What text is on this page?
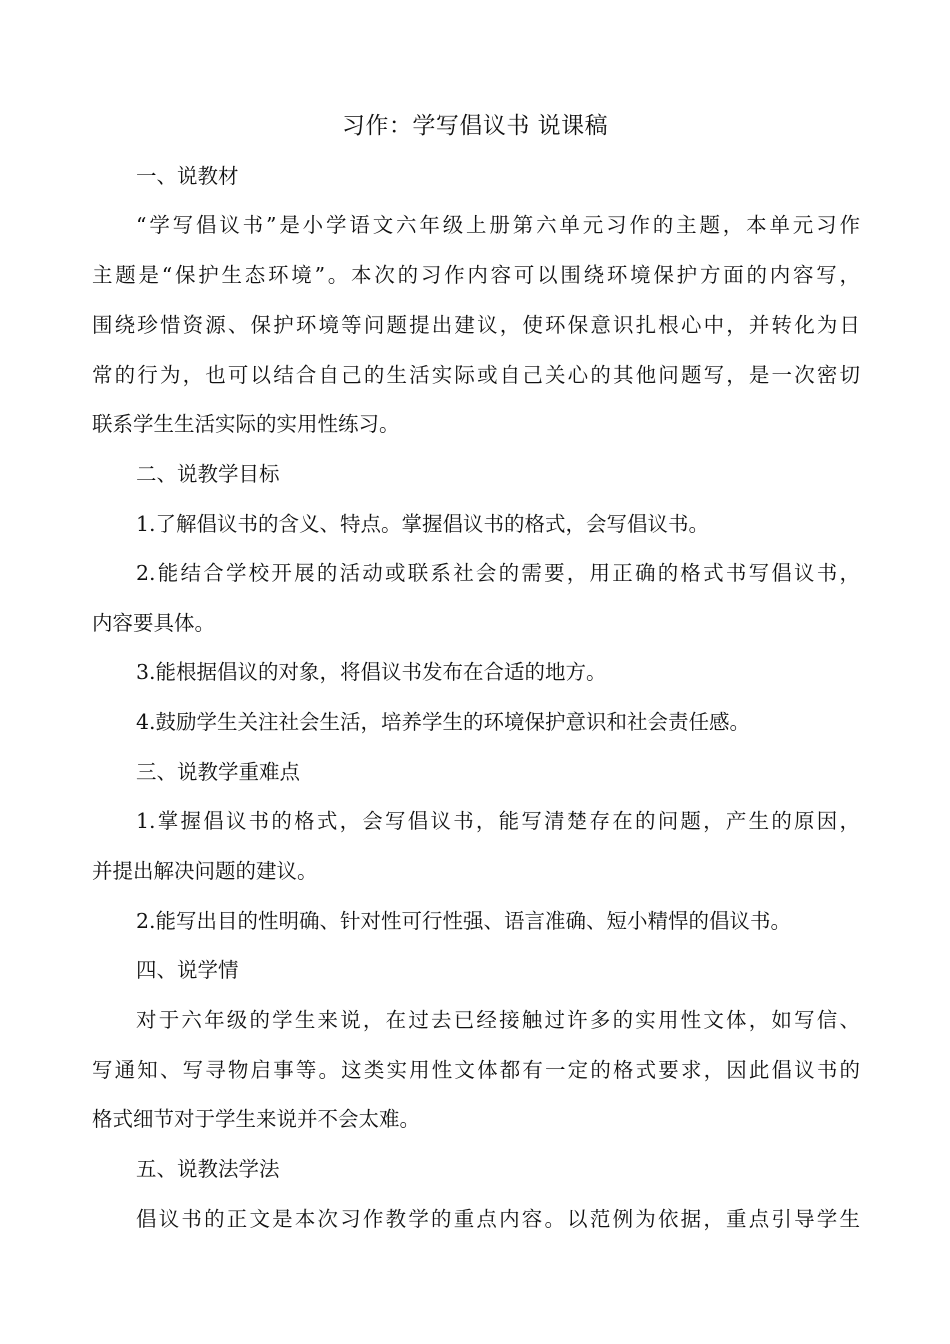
习作：学写倡议书 说课稿
一、说教材
“学写倡议书”是小学语文六年级上册第六单元习作的主题，本单元习作
主题是“保护生态环境”。本次的习作内容可以围绕环境保护方面的内容写，
围绕珍惜资源、保护环境等问题提出建议，使环保意识扎根心中，并转化为日
常的行为，也可以结合自己的生活实际或自己关心的其他问题写，是一次密切
联系学生生活实际的实用性练习。
二、说教学目标
1.了解倡议书的含义、特点。掌握倡议书的格式，会写倡议书。
2.能结合学校开展的活动或联系社会的需要，用正确的格式书写倡议书，
内容要具体。
3.能根据倡议的对象，将倡议书发布在合适的地方。
4.鼓励学生关注社会生活，培养学生的环境保护意识和社会责任感。
三、说教学重难点
1.掌握倡议书的格式，会写倡议书，能写清楚存在的问题，产生的原因，
并提出解决问题的建议。
2.能写出目的性明确、针对性可行性强、语言准确、短小精悍的倡议书。
四、说学情
对于六年级的学生来说，在过去已经接触过许多的实用性文体，如写信、
写通知、写寻物启事等。这类实用性文体都有一定的格式要求，因此倡议书的
格式细节对于学生来说并不会太难。
五、说教法学法
倡议书的正文是本次习作教学的重点内容。以范例为依据，重点引导学生
